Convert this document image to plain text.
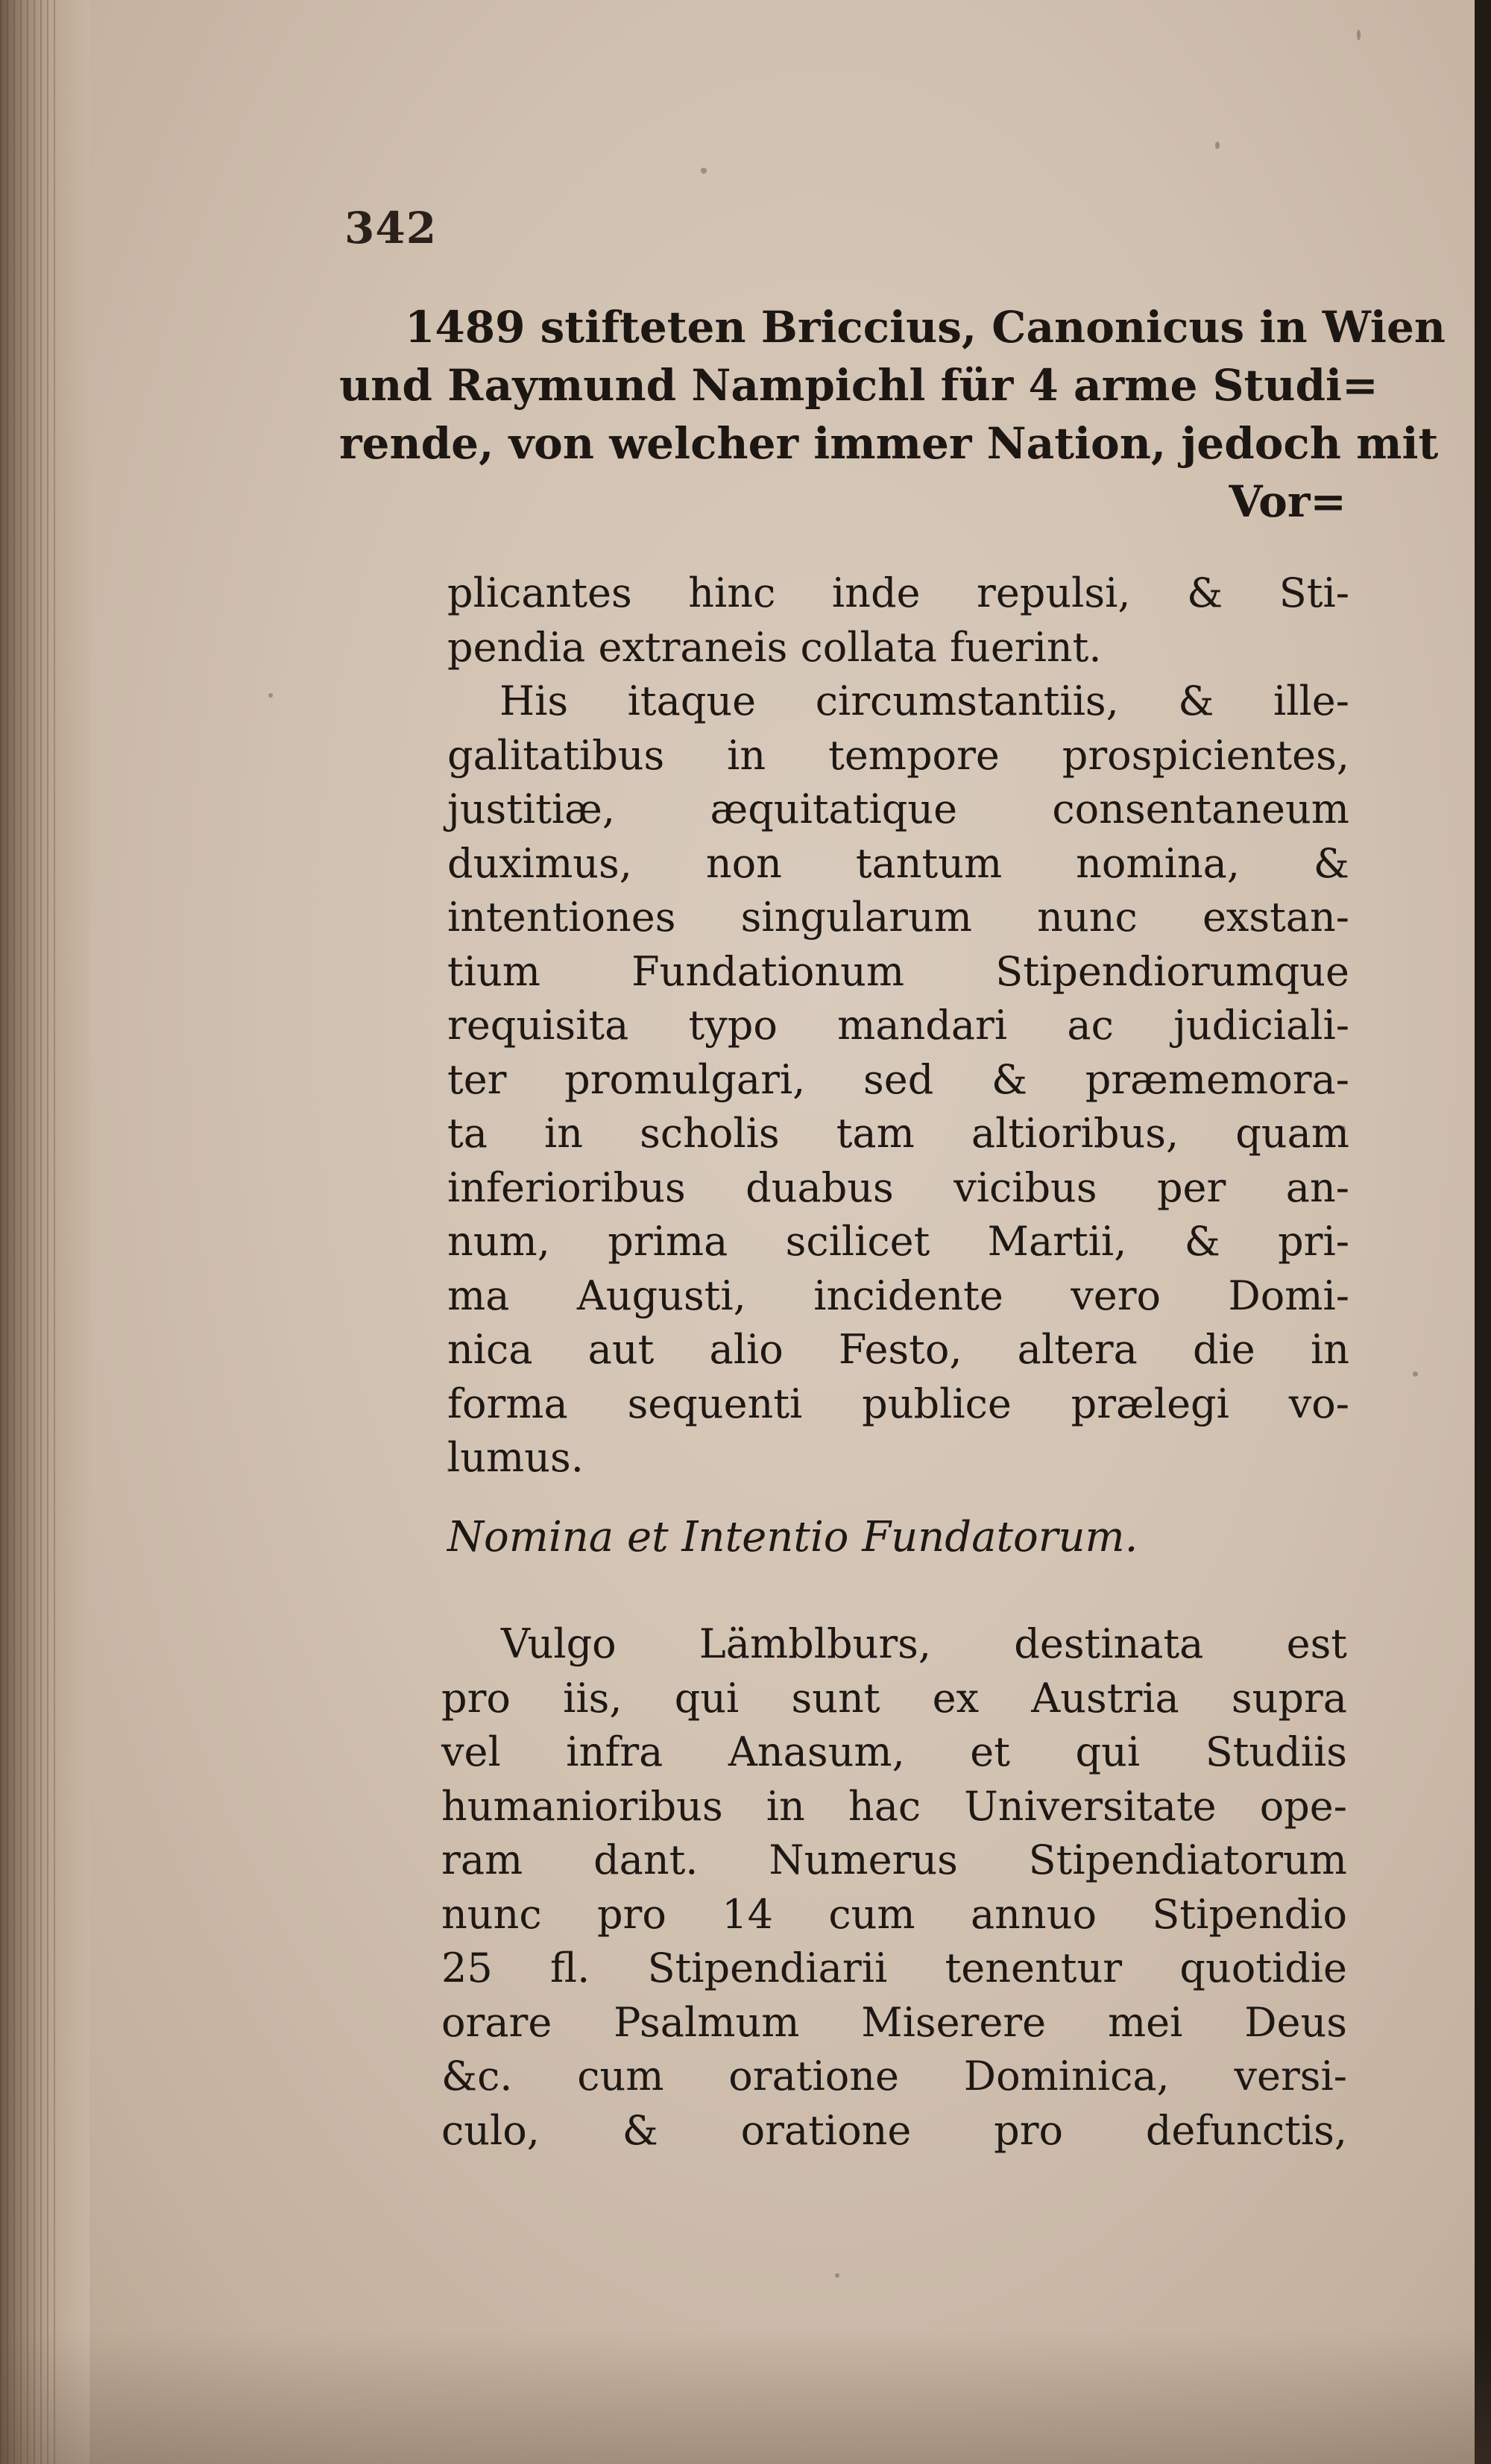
342
1489 stifteten Briccius, Canonicus in Wien
und Raymund Nampichl für 4 arme Studi=
rende, von welcher immer Nation, jedoch mit
Vor=
plicantes hinc inde repulsi, & Sti-
pendia extraneis collata fuerint.
His itaque circumstantiis, & ille-
galitatibus in tempore prospicientes,
justitiæ, æquitatique consentaneum
duximus, non tantum nomina, &
intentiones singularum nunc exstan-
tium Fundationum Stipendiorumque
requisita typo mandari ac judiciali-
ter promulgari, sed & præmemora-
ta in scholis tam altioribus, quam
inferioribus duabus vicibus per an-
num, prima scilicet Martii, & pri-
ma Augusti, incidente vero Domi-
nica aut alio Festo, altera die in
forma sequenti publice prælegi vo-
lumus.
Nomina et Intentio Fundatorum.
Vulgo Lämblburs, destinata est
pro iis, qui sunt ex Austria supra
vel infra Anasum, et qui Studiis
humanioribus in hac Universitate ope-
ram dant. Numerus Stipendiatorum
nunc pro 14 cum annuo Stipendio
25 fl. Stipendiarii tenentur quotidie
orare Psalmum Miserere mei Deus
&c. cum oratione Dominica, versi-
culo, & oratione pro defunctis,
